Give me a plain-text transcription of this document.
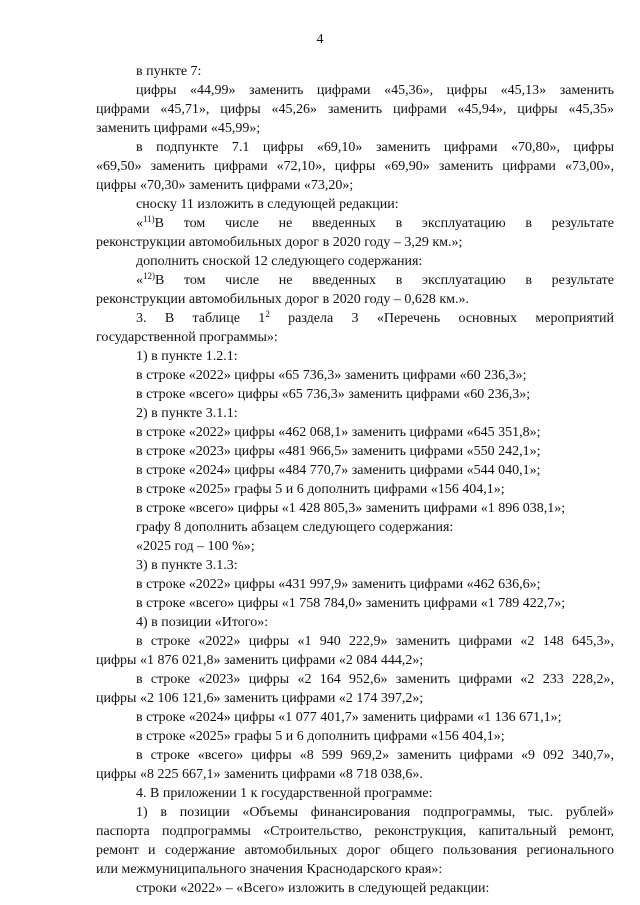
4
в пункте 7:
цифры «44,99» заменить цифрами «45,36», цифры «45,13» заменить
цифрами «45,71», цифры «45,26» заменить цифрами «45,94», цифры «45,35»
заменить цифрами «45,99»;
в подпункте 7.1 цифры «69,10» заменить цифрами «70,80», цифры
«69,50» заменить цифрами «72,10», цифры «69,90» заменить цифрами «73,00»,
цифры «70,30» заменить цифрами «73,20»;
сноску 11 изложить в следующей редакции:
«$^{11)}$В том числе не введенных в эксплуатацию в результате
реконструкции автомобильных дорог в 2020 году – 3,29 км.»;
дополнить сноской 12 следующего содержания:
«$^{12)}$В том числе не введенных в эксплуатацию в результате
реконструкции автомобильных дорог в 2020 году – 0,628 км.».
3. В таблице $1^2$ раздела 3 «Перечень основных мероприятий
государственной программы»:
1) в пункте 1.2.1:
в строке «2022» цифры «65 736,3» заменить цифрами «60 236,3»;
в строке «всего» цифры «65 736,3» заменить цифрами «60 236,3»;
2) в пункте 3.1.1:
в строке «2022» цифры «462 068,1» заменить цифрами «645 351,8»;
в строке «2023» цифры «481 966,5» заменить цифрами «550 242,1»;
в строке «2024» цифры «484 770,7» заменить цифрами «544 040,1»;
в строке «2025» графы 5 и 6 дополнить цифрами «156 404,1»;
в строке «всего» цифры «1 428 805,3» заменить цифрами «1 896 038,1»;
графу 8 дополнить абзацем следующего содержания:
«2025 год – 100 %»;
3) в пункте 3.1.3:
в строке «2022» цифры «431 997,9» заменить цифрами «462 636,6»;
в строке «всего» цифры «1 758 784,0» заменить цифрами «1 789 422,7»;
4) в позиции «Итого»:
в строке «2022» цифры «1 940 222,9» заменить цифрами «2 148 645,3»,
цифры «1 876 021,8» заменить цифрами «2 084 444,2»;
в строке «2023» цифры «2 164 952,6» заменить цифрами «2 233 228,2»,
цифры «2 106 121,6» заменить цифрами «2 174 397,2»;
в строке «2024» цифры «1 077 401,7» заменить цифрами «1 136 671,1»;
в строке «2025» графы 5 и 6 дополнить цифрами «156 404,1»;
в строке «всего» цифры «8 599 969,2» заменить цифрами «9 092 340,7»,
цифры «8 225 667,1» заменить цифрами «8 718 038,6».
4. В приложении 1 к государственной программе:
1) в позиции «Объемы финансирования подпрограммы, тыс. рублей»
паспорта подпрограммы «Строительство, реконструкция, капитальный ремонт,
ремонт и содержание автомобильных дорог общего пользования регионального
или межмуниципального значения Краснодарского края»:
строки «2022» – «Всего» изложить в следующей редакции:
